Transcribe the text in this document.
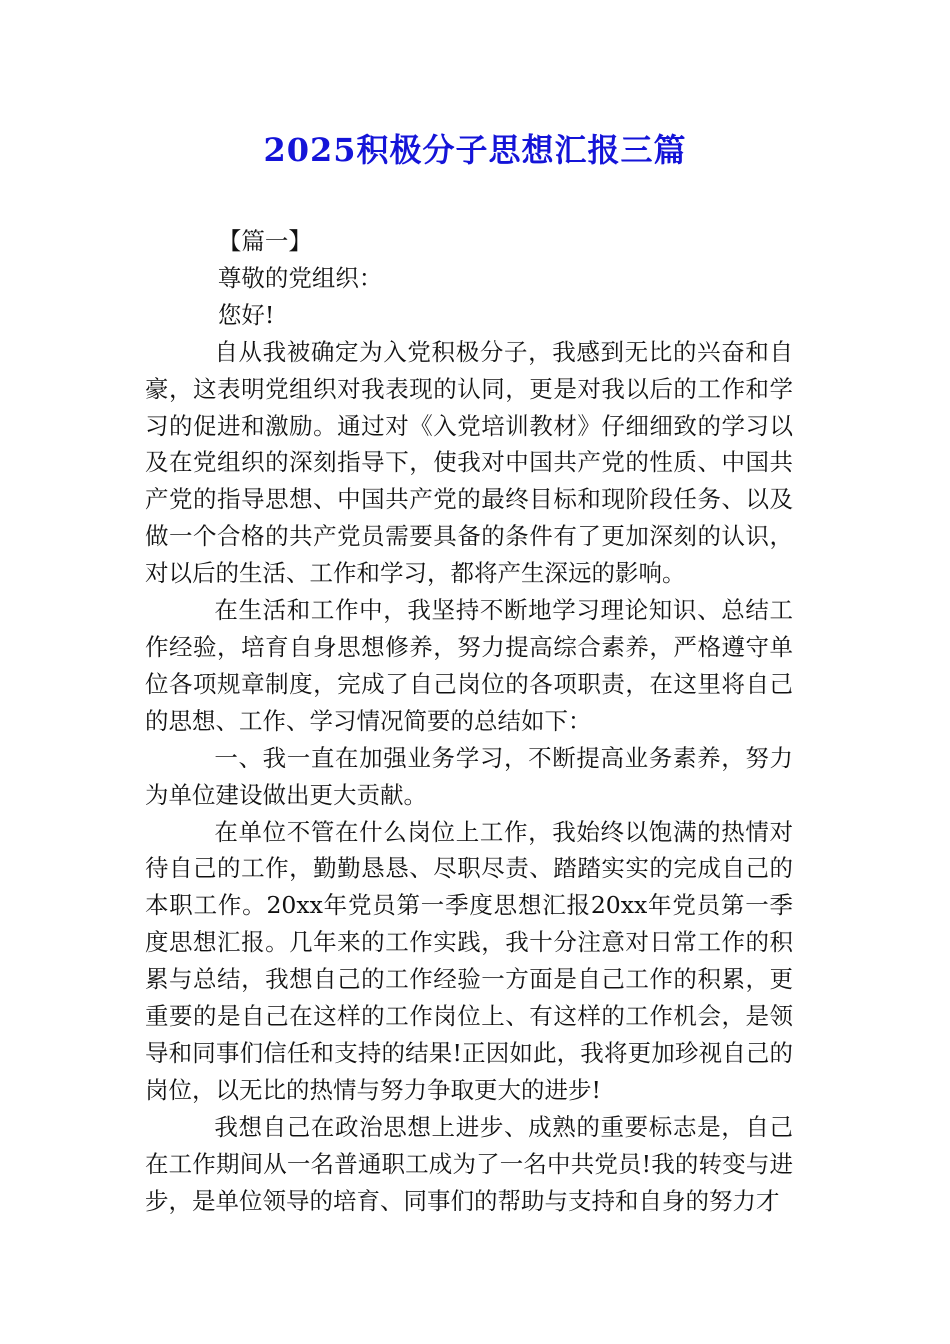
2025积极分子思想汇报三篇

【篇一】

尊敬的党组织：

您好!

自从我被确定为入党积极分子，我感到无比的兴奋和自豪，这表明党组织对我表现的认同，更是对我以后的工作和学习的促进和激励。通过对《入党培训教材》仔细细致的学习以及在党组织的深刻指导下，使我对中国共产党的性质、中国共产党的指导思想、中国共产党的最终目标和现阶段任务、以及做一个合格的共产党员需要具备的条件有了更加深刻的认识，对以后的生活、工作和学习，都将产生深远的影响。

在生活和工作中，我坚持不断地学习理论知识、总结工作经验，培育自身思想修养，努力提高综合素养，严格遵守单位各项规章制度，完成了自己岗位的各项职责，在这里将自己的思想、工作、学习情况简要的总结如下：

一、我一直在加强业务学习，不断提高业务素养，努力为单位建设做出更大贡献。

在单位不管在什么岗位上工作，我始终以饱满的热情对待自己的工作，勤勤恳恳、尽职尽责、踏踏实实的完成自己的本职工作。20xx年党员第一季度思想汇报20xx年党员第一季度思想汇报。几年来的工作实践，我十分注意对日常工作的积累与总结，我想自己的工作经验一方面是自己工作的积累，更重要的是自己在这样的工作岗位上、有这样的工作机会，是领导和同事们信任和支持的结果!正因如此，我将更加珍视自己的岗位，以无比的热情与努力争取更大的进步!

我想自己在政治思想上进步、成熟的重要标志是，自己在工作期间从一名普通职工成为了一名中共党员!我的转变与进步，是单位领导的培育、同事们的帮助与支持和自身的努力才
